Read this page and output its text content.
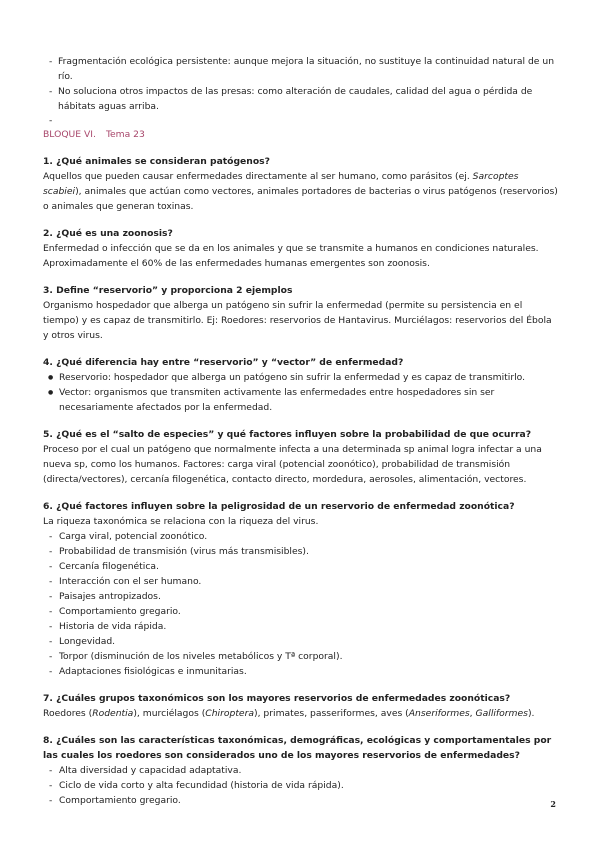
- Fragmentación ecológica persistente: aunque mejora la situación, no sustituye la continuidad natural de un río.
- No soluciona otros impactos de las presas: como alteración de caudales, calidad del agua o pérdida de hábitats aguas arriba.
-
BLOQUE VI. Tema 23
1. ¿Qué animales se consideran patógenos?

Aquellos que pueden causar enfermedades directamente al ser humano, como parásitos (ej. Sarcoptes scabiei), animales que actúan como vectores, animales portadores de bacterias o virus patógenos (reservorios) o animales que generan toxinas.

2. ¿Qué es una zoonosis?

Enfermedad o infección que se da en los animales y que se transmite a humanos en condiciones naturales. Aproximadamente el 60% de las enfermedades humanas emergentes son zoonosis.

3. Define “reservorio” y proporciona 2 ejemplos

Organismo hospedador que alberga un patógeno sin sufrir la enfermedad (permite su persistencia en el tiempo) y es capaz de transmitirlo. Ej: Roedores: reservorios de Hantavirus. Murciélagos: reservorios del Ébola y otros virus.

4. ¿Qué diferencia hay entre “reservorio” y “vector” de enfermedad?
● Reservorio: hospedador que alberga un patógeno sin sufrir la enfermedad y es capaz de transmitirlo.
● Vector: organismos que transmiten activamente las enfermedades entre hospedadores sin ser necesariamente afectados por la enfermedad.
5. ¿Qué es el “salto de especies” y qué factores influyen sobre la probabilidad de que ocurra?

Proceso por el cual un patógeno que normalmente infecta a una determinada sp animal logra infectar a una nueva sp, como los humanos. Factores: carga viral (potencial zoonótico), probabilidad de transmisión (directa/vectores), cercanía filogenética, contacto directo, mordedura, aerosoles, alimentación, vectores.

6. ¿Qué factores influyen sobre la peligrosidad de un reservorio de enfermedad zoonótica?

La riqueza taxonómica se relaciona con la riqueza del virus.

- Carga viral, potencial zoonótico.
- Probabilidad de transmisión (virus más transmisibles).
- Cercanía filogenética.
- Interacción con el ser humano.
- Paisajes antropizados.
- Comportamiento gregario.
- Historia de vida rápida.
- Longevidad.
- Torpor (disminución de los niveles metabólicos y Tª corporal).
- Adaptaciones fisiológicas e inmunitarias.
7. ¿Cuáles grupos taxonómicos son los mayores reservorios de enfermedades zoonóticas?

Roedores (Rodentia), murciélagos (Chiroptera), primates, passeriformes, aves (Anseriformes, Galliformes).

8. ¿Cuáles son las características taxonómicas, demográficas, ecológicas y comportamentales por las cuales los roedores son considerados uno de los mayores reservorios de enfermedades?
- Alta diversidad y capacidad adaptativa.
- Ciclo de vida corto y alta fecundidad (historia de vida rápida).
- Comportamiento gregario.	2
